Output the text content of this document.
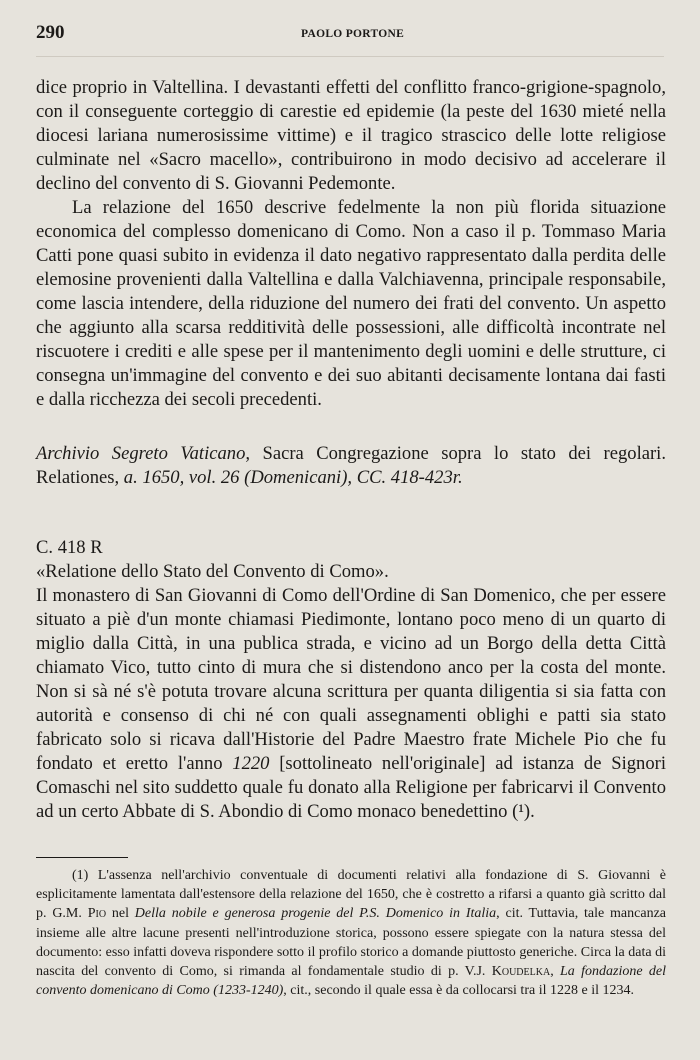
290	PAOLO PORTONE

dice proprio in Valtellina. I devastanti effetti del conflitto franco-grigione-spagnolo, con il conseguente corteggio di carestie ed epidemie (la peste del 1630 mieté nella diocesi lariana numerosissime vittime) e il tragico strascico delle lotte religiose culminate nel «Sacro macello», contribuirono in modo decisivo ad accelerare il declino del convento di S. Giovanni Pedemonte.

La relazione del 1650 descrive fedelmente la non più florida situazione economica del complesso domenicano di Como. Non a caso il p. Tommaso Maria Catti pone quasi subito in evidenza il dato negativo rappresentato dalla perdita delle elemosine provenienti dalla Valtellina e dalla Valchiavenna, principale responsabile, come lascia intendere, della riduzione del numero dei frati del convento. Un aspetto che aggiunto alla scarsa redditività delle possessioni, alle difficoltà incontrate nel riscuotere i crediti e alle spese per il mantenimento degli uomini e delle strutture, ci consegna un'immagine del convento e dei suo abitanti decisamente lontana dai fasti e dalla ricchezza dei secoli precedenti.

Archivio Segreto Vaticano, Sacra Congregazione sopra lo stato dei regolari. Relationes, a. 1650, vol. 26 (Domenicani), CC. 418-423r.

C. 418 R

«Relatione dello Stato del Convento di Como».

Il monastero di San Giovanni di Como dell'Ordine di San Domenico, che per essere situato a piè d'un monte chiamasi Piedimonte, lontano poco meno di un quarto di miglio dalla Città, in una publica strada, e vicino ad un Borgo della detta Città chiamato Vico, tutto cinto di mura che si distendono anco per la costa del monte. Non si sà né s'è potuta trovare alcuna scrittura per quanta diligentia si sia fatta con autorità e consenso di chi né con quali assegnamenti oblighi e patti sia stato fabricato solo si ricava dall'Historie del Padre Maestro frate Michele Pio che fu fondato et eretto l'anno 1220 [sottolineato nell'originale] ad istanza de Signori Comaschi nel sito suddetto quale fu donato alla Religione per fabricarvi il Convento ad un certo Abbate di S. Abondio di Como monaco benedettino (¹).

(1) L'assenza nell'archivio conventuale di documenti relativi alla fondazione di S. Giovanni è esplicitamente lamentata dall'estensore della relazione del 1650, che è costretto a rifarsi a quanto già scritto dal p. G.M. Pio nel Della nobile e generosa progenie del P.S. Domenico in Italia, cit. Tuttavia, tale mancanza insieme alle altre lacune presenti nell'introduzione storica, possono essere spiegate con la natura stessa del documento: esso infatti doveva rispondere sotto il profilo storico a domande piuttosto generiche. Circa la data di nascita del convento di Como, si rimanda al fondamentale studio di p. V.J. Koudelka, La fondazione del convento domenicano di Como (1233-1240), cit., secondo il quale essa è da collocarsi tra il 1228 e il 1234.
